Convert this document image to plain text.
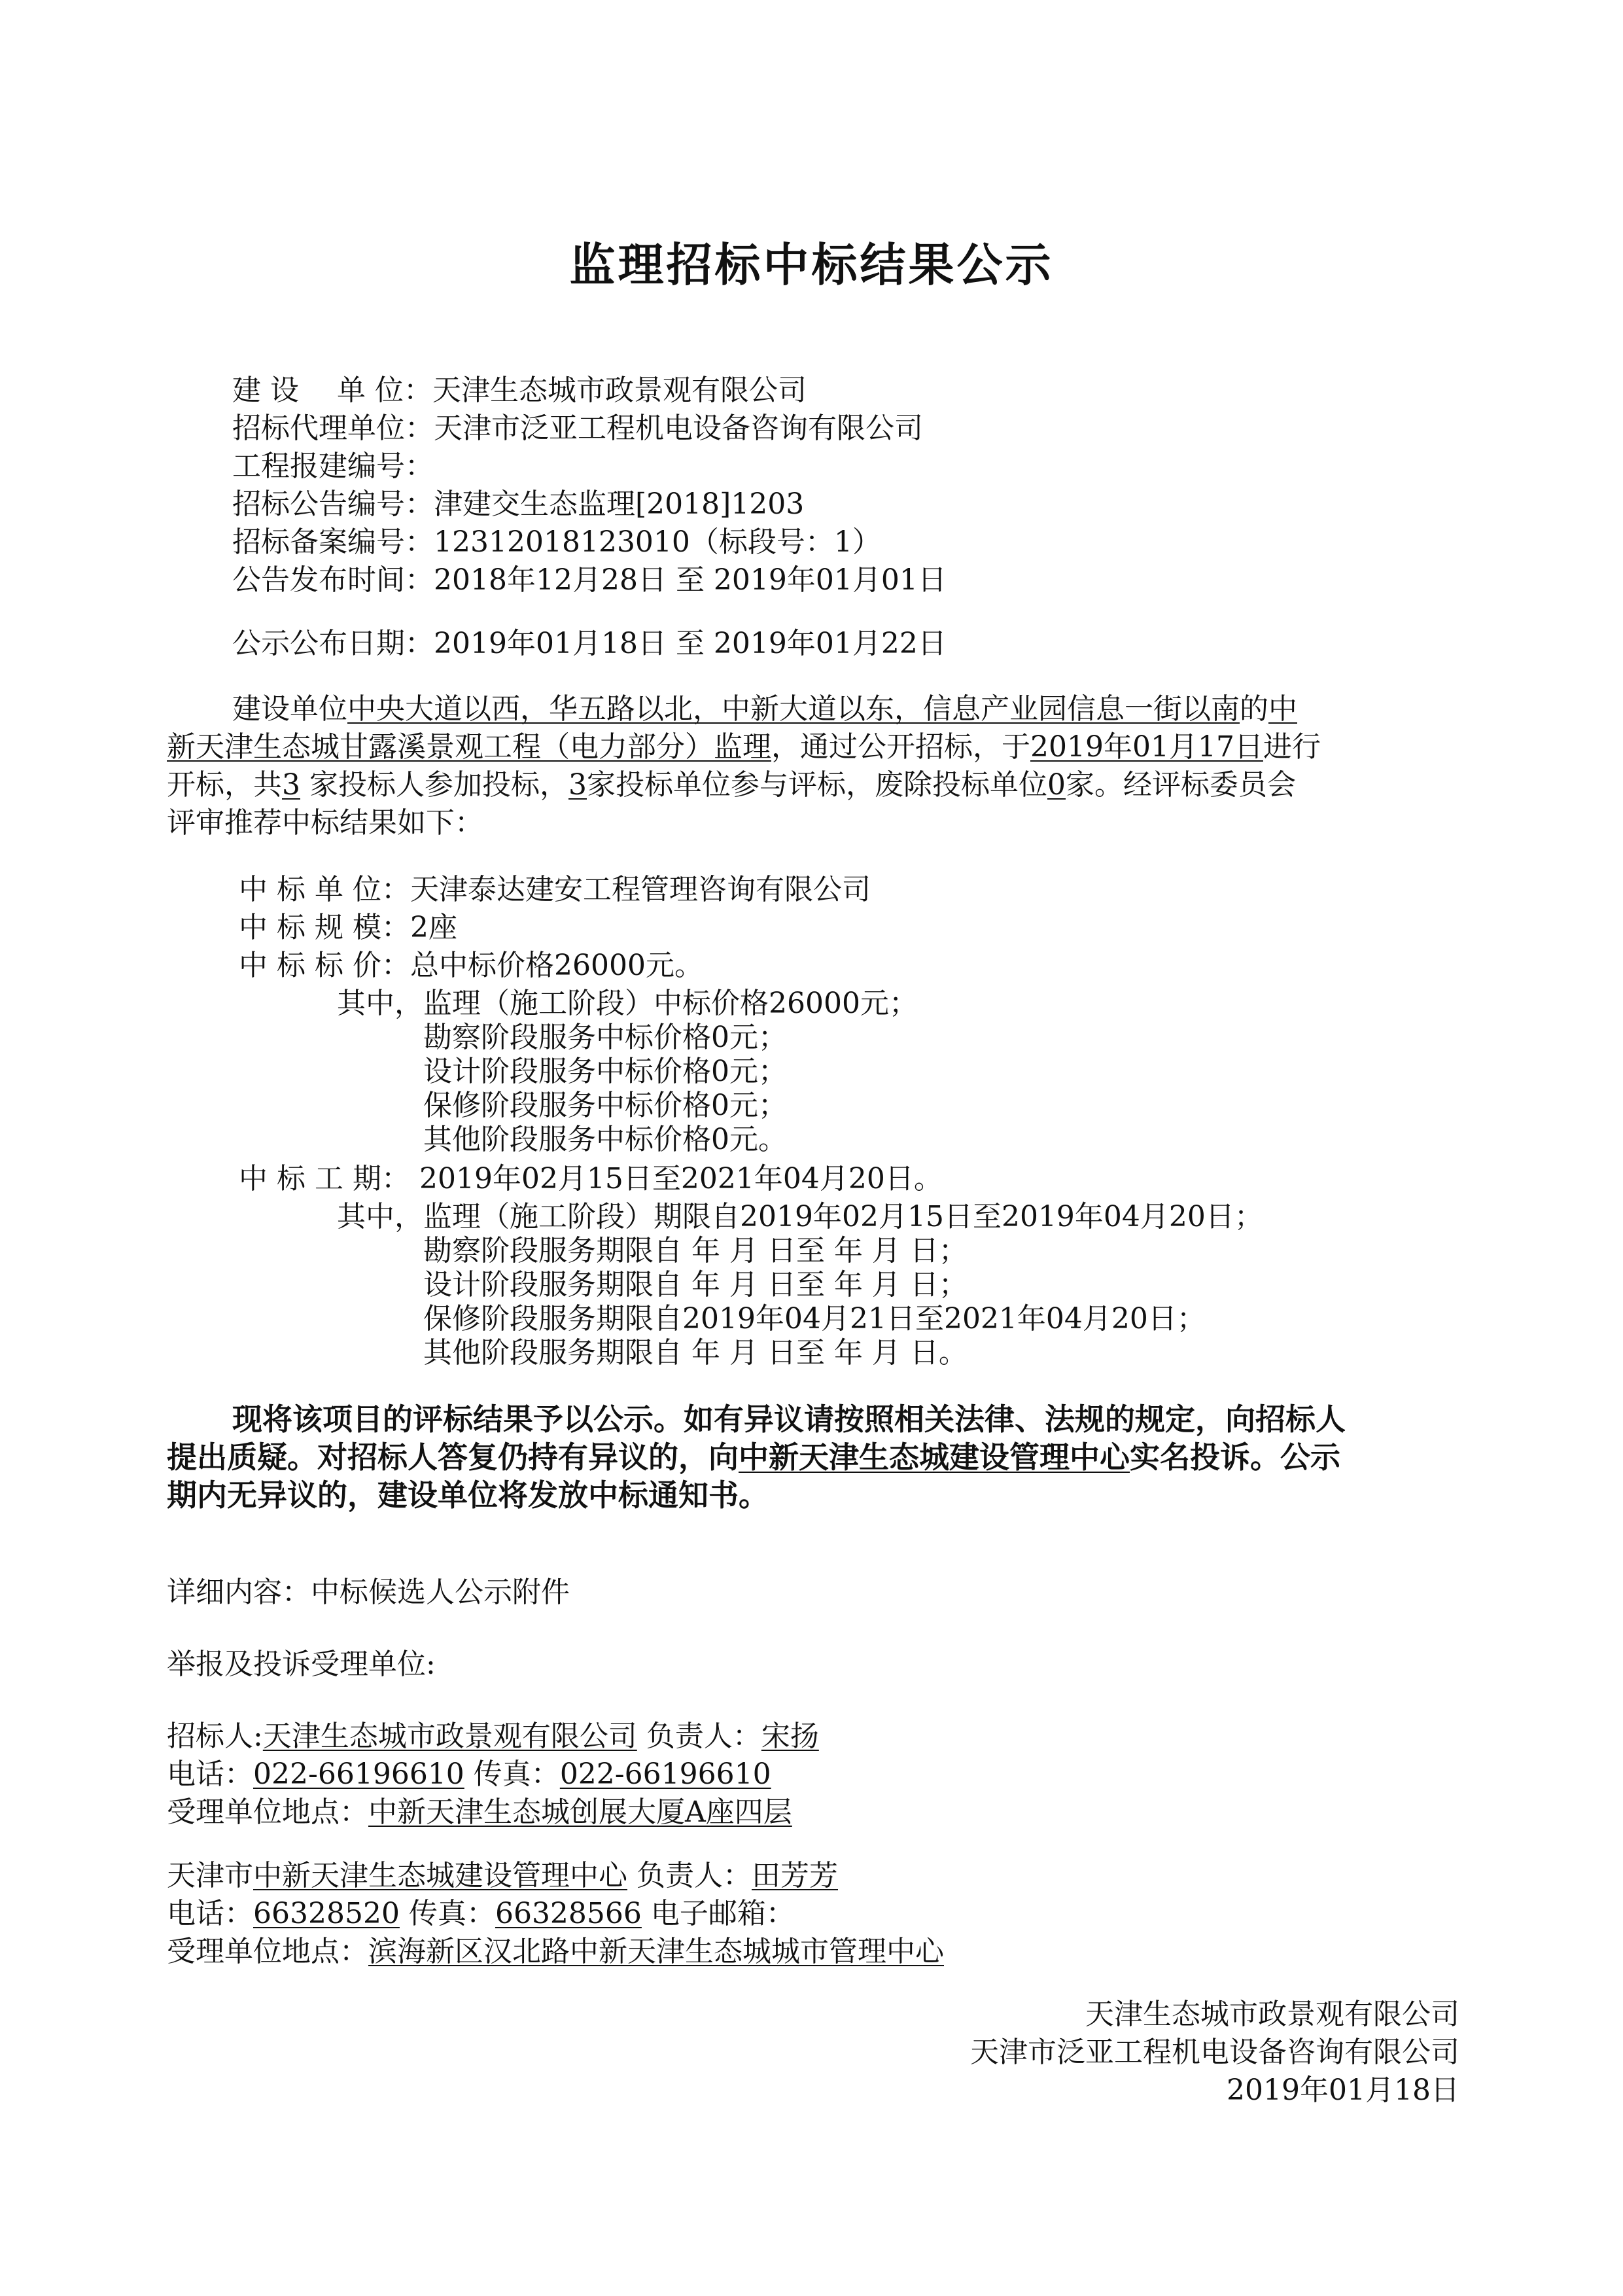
监理招标中标结果公示
建 设　 单 位：天津生态城市政景观有限公司
招标代理单位：天津市泛亚工程机电设备咨询有限公司
工程报建编号：
招标公告编号：津建交生态监理[2018]1203
招标备案编号：12312018123010（标段号：1）
公告发布时间：2018年12月28日 至 2019年01月01日
公示公布日期：2019年01月18日 至 2019年01月22日
建设单位中央大道以西，华五路以北，中新大道以东，信息产业园信息一街以南的中
新天津生态城甘露溪景观工程（电力部分）监理，通过公开招标，于2019年01月17日进行
开标，共3 家投标人参加投标，3家投标单位参与评标，废除投标单位0家。经评标委员会
评审推荐中标结果如下：
中 标 单 位：天津泰达建安工程管理咨询有限公司
中 标 规 模：2座
中 标 标 价：总中标价格26000元。
其中，监理（施工阶段）中标价格26000元；
勘察阶段服务中标价格0元；
设计阶段服务中标价格0元；
保修阶段服务中标价格0元；
其他阶段服务中标价格0元。
中 标 工 期： 2019年02月15日至2021年04月20日。
其中，监理（施工阶段）期限自2019年02月15日至2019年04月20日；
勘察阶段服务期限自 年 月 日至 年 月 日；
设计阶段服务期限自 年 月 日至 年 月 日；
保修阶段服务期限自2019年04月21日至2021年04月20日；
其他阶段服务期限自 年 月 日至 年 月 日。
现将该项目的评标结果予以公示。如有异议请按照相关法律、法规的规定，向招标人
提出质疑。对招标人答复仍持有异议的，向中新天津生态城建设管理中心实名投诉。公示
期内无异议的，建设单位将发放中标通知书。
详细内容：中标候选人公示附件
举报及投诉受理单位:
招标人:天津生态城市政景观有限公司 负责人：宋扬
电话：022-66196610 传真：022-66196610
受理单位地点：中新天津生态城创展大厦A座四层
天津市中新天津生态城建设管理中心 负责人：田芳芳
电话：66328520 传真：66328566 电子邮箱：
受理单位地点：滨海新区汉北路中新天津生态城城市管理中心
天津生态城市政景观有限公司
天津市泛亚工程机电设备咨询有限公司
2019年01月18日
